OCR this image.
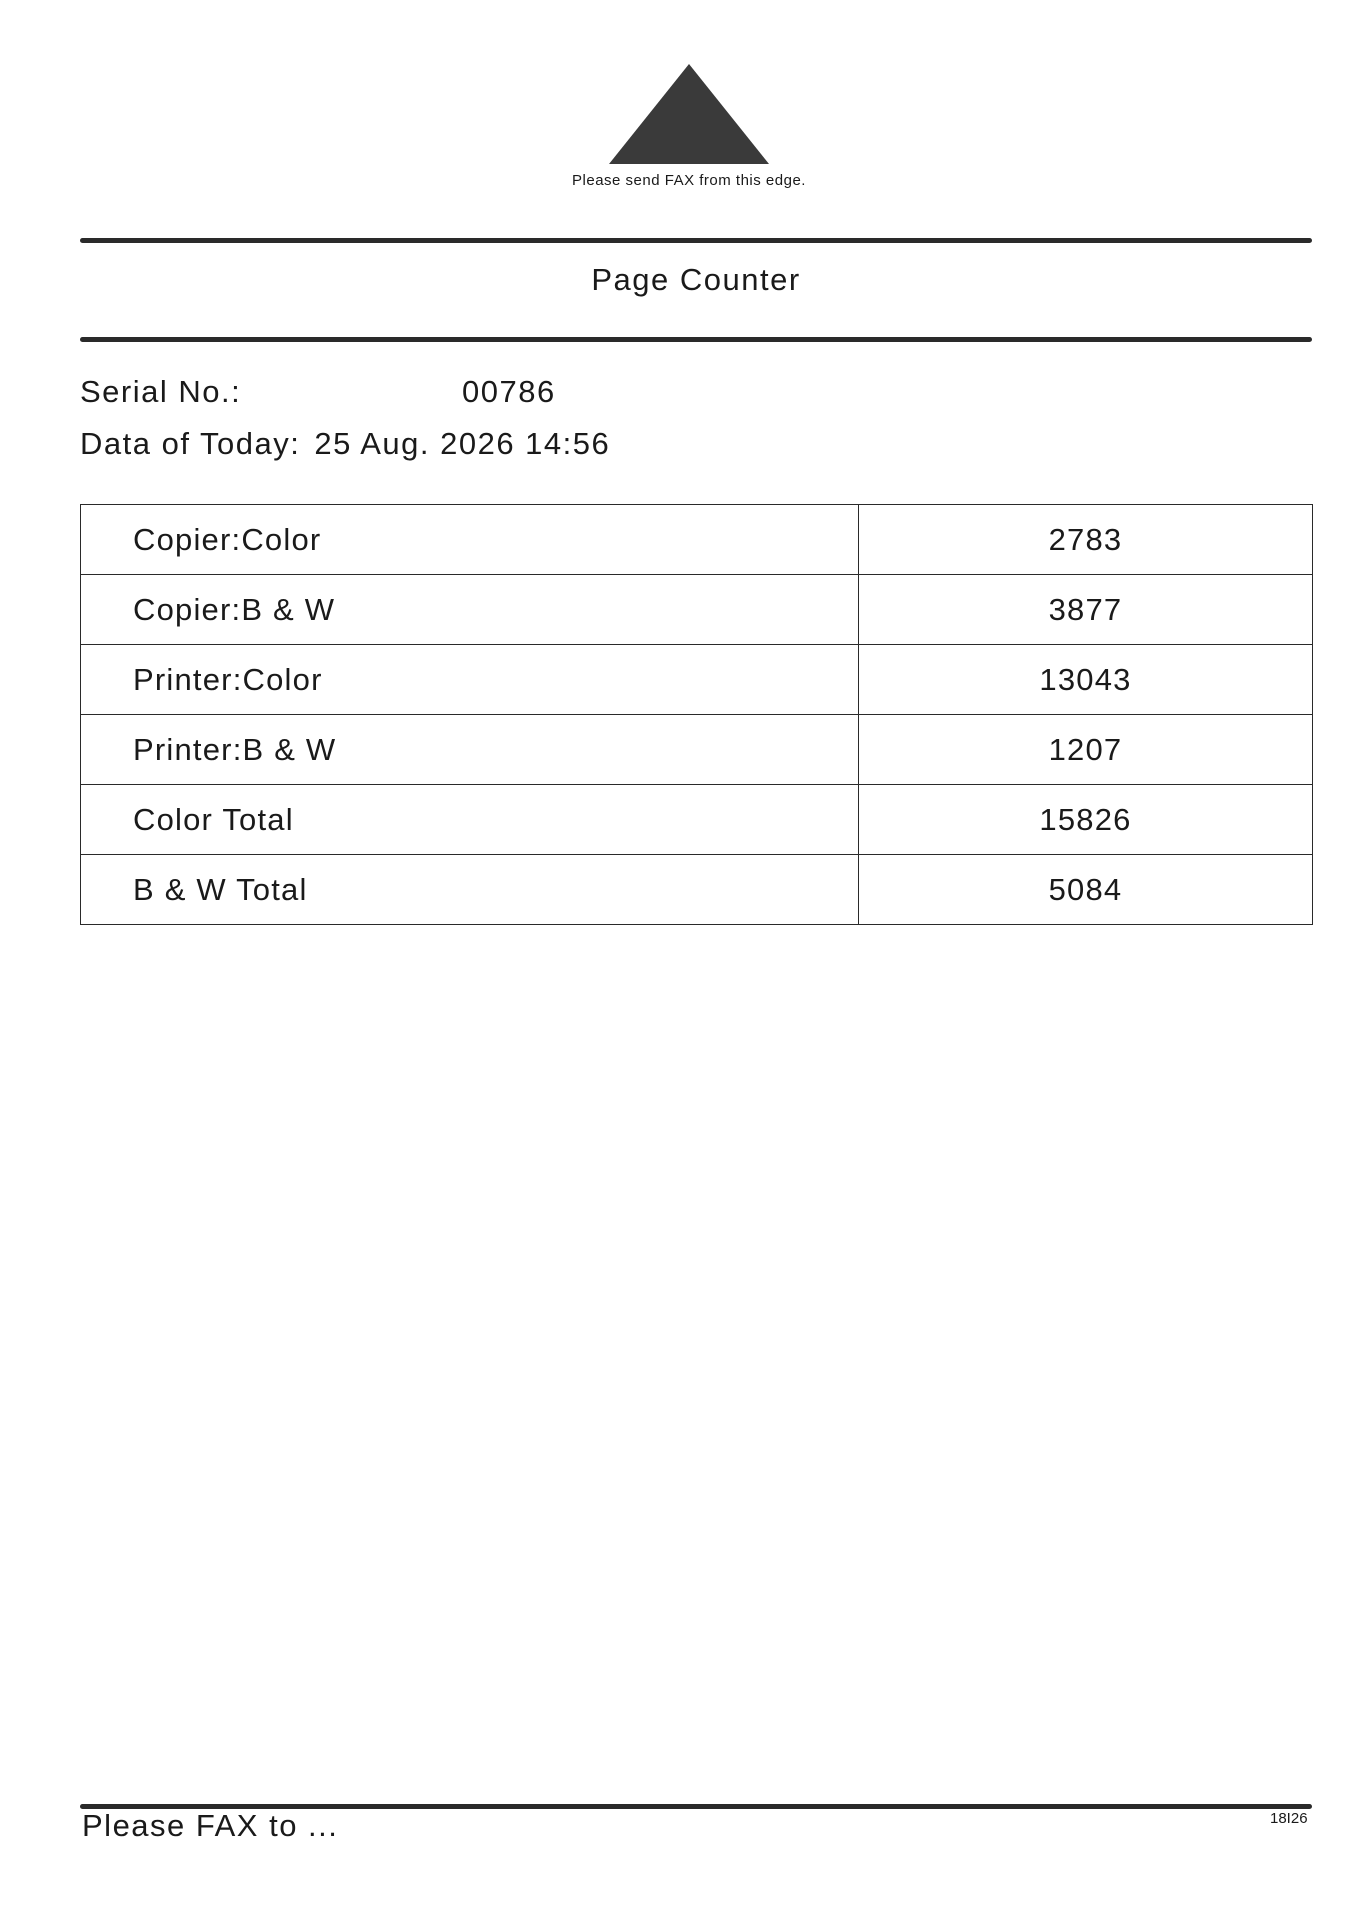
Please send FAX from this edge.
Page Counter
Serial No.:	00786
Data of Today: 25 Aug. 2026 14:56
Copier:Color	2783
Copier:B & W	3877
Printer:Color	13043
Printer:B & W	1207
Color Total	15826
B & W Total	5084
Please FAX to ...	18I26
